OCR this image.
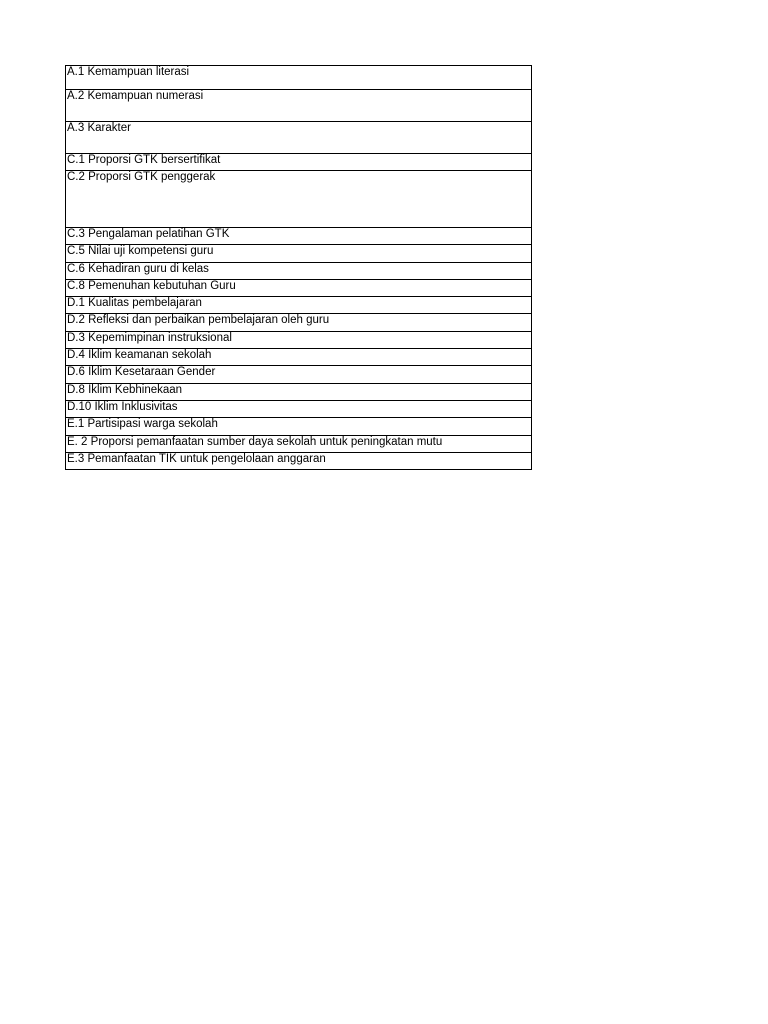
A.1 Kemampuan literasi
A.2 Kemampuan numerasi
A.3 Karakter
C.1 Proporsi GTK bersertifikat
C.2 Proporsi GTK penggerak
C.3 Pengalaman pelatihan GTK
C.5 Nilai uji kompetensi guru
C.6 Kehadiran guru di kelas
C.8 Pemenuhan kebutuhan Guru
D.1 Kualitas pembelajaran
D.2 Refleksi dan perbaikan pembelajaran oleh guru
D.3 Kepemimpinan instruksional
D.4 Iklim keamanan sekolah
D.6 Iklim Kesetaraan Gender
D.8 Iklim Kebhinekaan
D.10 Iklim Inklusivitas
E.1 Partisipasi warga sekolah
E. 2 Proporsi pemanfaatan sumber daya sekolah untuk peningkatan mutu
E.3 Pemanfaatan TIK untuk pengelolaan anggaran
